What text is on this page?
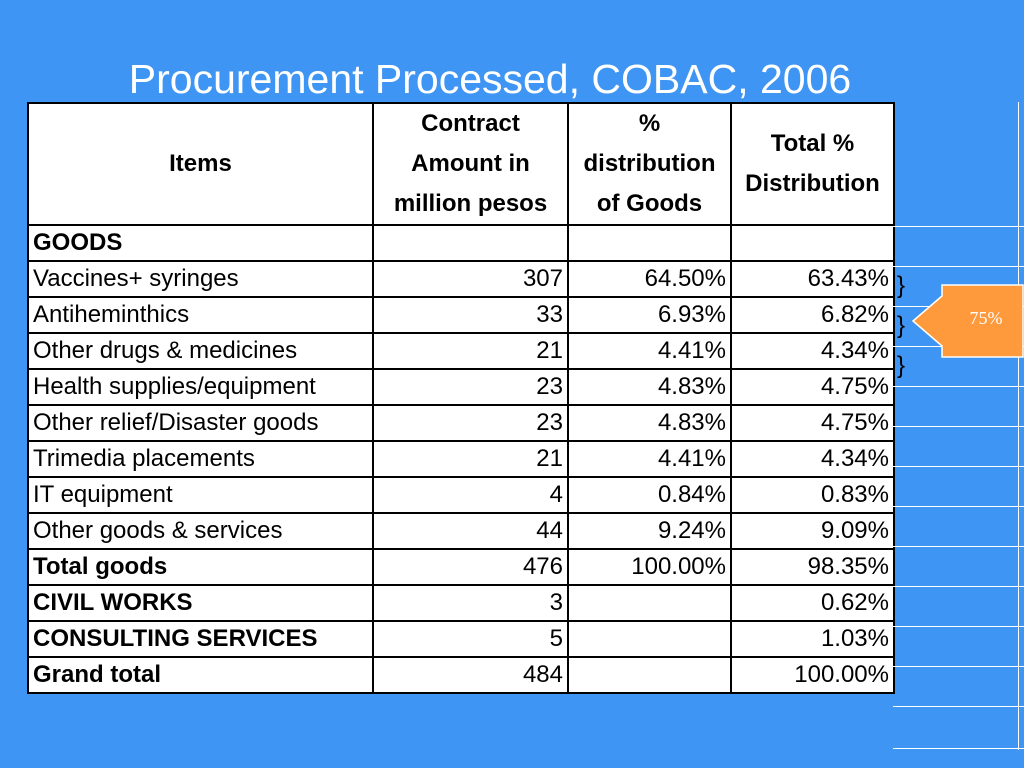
Procurement Processed, COBAC, 2006
Items	Contract Amount in million pesos	% distribution of Goods	Total % Distribution
GOODS			
Vaccines+ syringes	307	64.50%	63.43%
Antiheminthics	33	6.93%	6.82%
Other drugs & medicines	21	4.41%	4.34%
Health supplies/equipment	23	4.83%	4.75%
Other relief/Disaster goods	23	4.83%	4.75%
Trimedia placements	21	4.41%	4.34%
IT equipment	4	0.84%	0.83%
Other goods & services	44	9.24%	9.09%
Total goods	476	100.00%	98.35%
CIVIL WORKS	3		0.62%
CONSULTING SERVICES	5		1.03%
Grand total	484		100.00%
}
}
}
75%
